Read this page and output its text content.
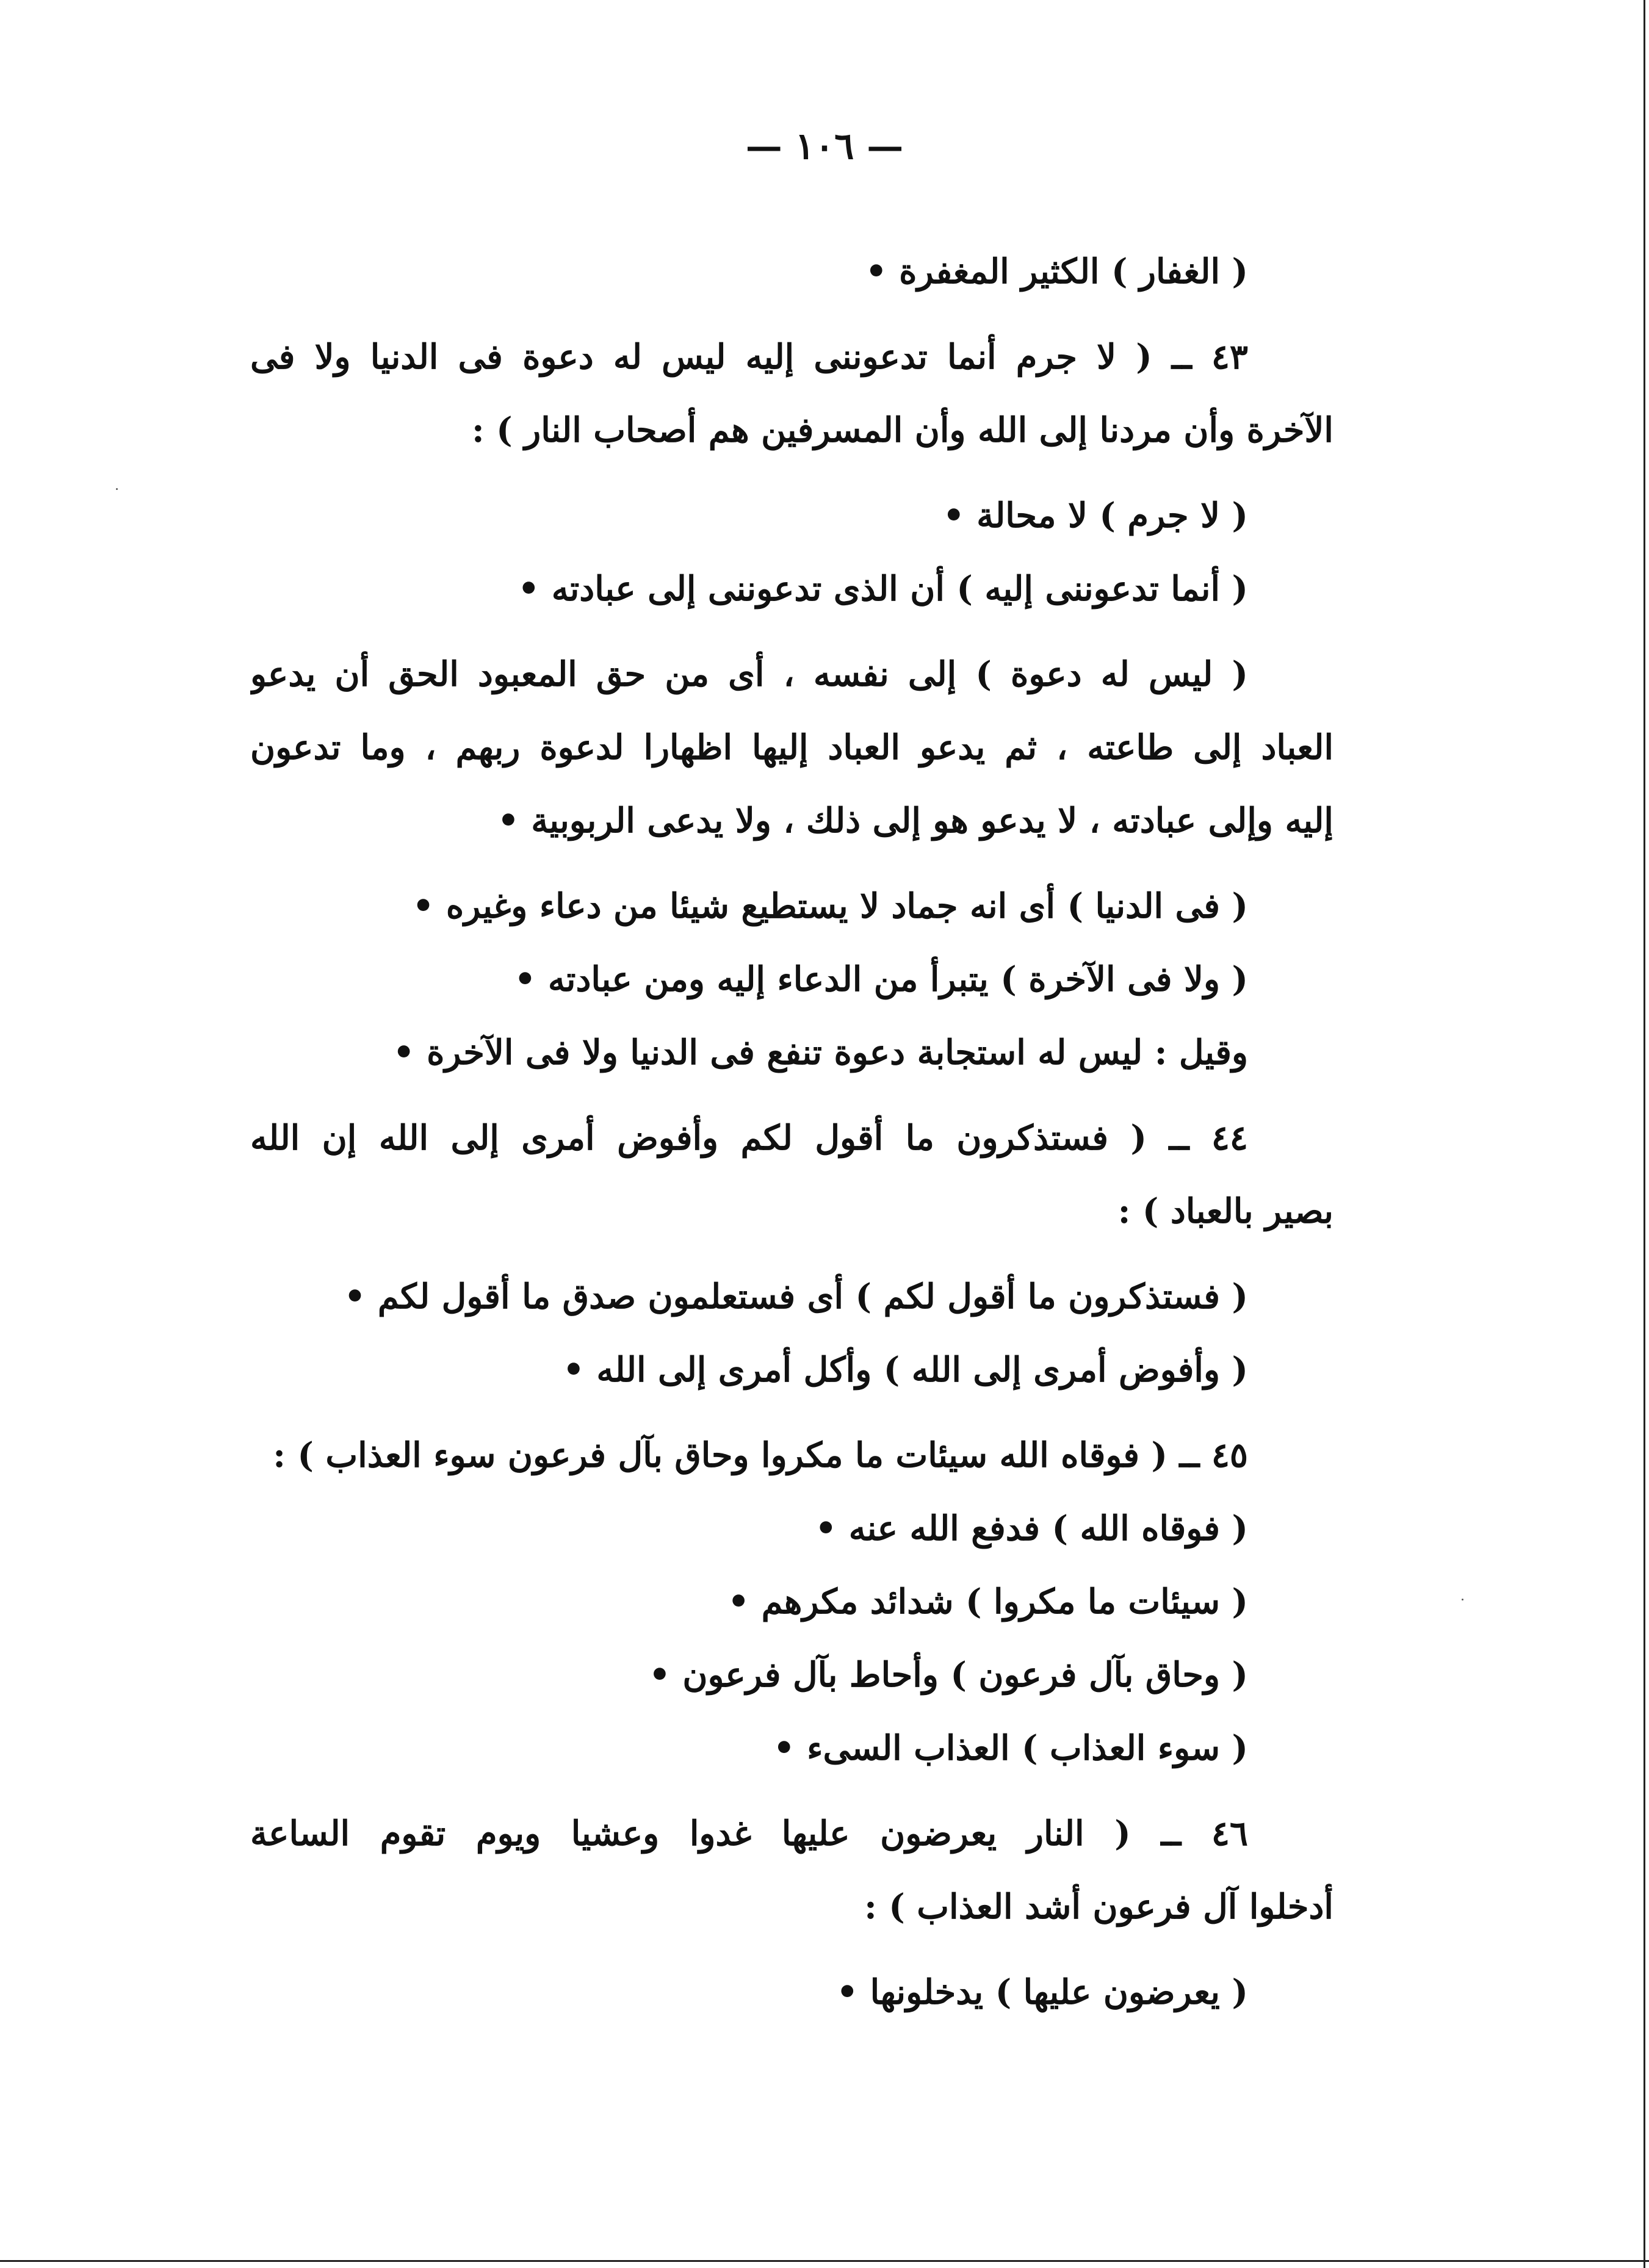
— ١٠٦ —
( الغفار ) الكثير المغفرة •
٤٣ ــ ( لا جرم أنما تدعوننى إليه ليس له دعوة فى الدنيا ولا فى
الآخرة وأن مردنا إلى الله وأن المسرفين هم أصحاب النار ) :
( لا جرم ) لا محالة •
( أنما تدعوننى إليه ) أن الذى تدعوننى إلى عبادته •
( ليس له دعوة ) إلى نفسه ، أى من حق المعبود الحق أن يدعو
العباد إلى طاعته ، ثم يدعو العباد إليها اظهارا لدعوة ربهم ، وما تدعون
إليه وإلى عبادته ، لا يدعو هو إلى ذلك ، ولا يدعى الربوبية •
( فى الدنيا ) أى انه جماد لا يستطيع شيئا من دعاء وغيره •
( ولا فى الآخرة ) يتبرأ من الدعاء إليه ومن عبادته •
وقيل : ليس له استجابة دعوة تنفع فى الدنيا ولا فى الآخرة •
٤٤ ــ ( فستذكرون ما أقول لكم وأفوض أمرى إلى الله إن الله
بصير بالعباد ) :
( فستذكرون ما أقول لكم ) أى فستعلمون صدق ما أقول لكم •
( وأفوض أمرى إلى الله ) وأكل أمرى إلى الله •
٤٥ ــ ( فوقاه الله سيئات ما مكروا وحاق بآل فرعون سوء العذاب ) :
( فوقاه الله ) فدفع الله عنه •
( سيئات ما مكروا ) شدائد مكرهم •
( وحاق بآل فرعون ) وأحاط بآل فرعون •
( سوء العذاب ) العذاب السىء •
٤٦ ــ ( النار يعرضون عليها غدوا وعشيا ويوم تقوم الساعة
أدخلوا آل فرعون أشد العذاب ) :
( يعرضون عليها ) يدخلونها •
